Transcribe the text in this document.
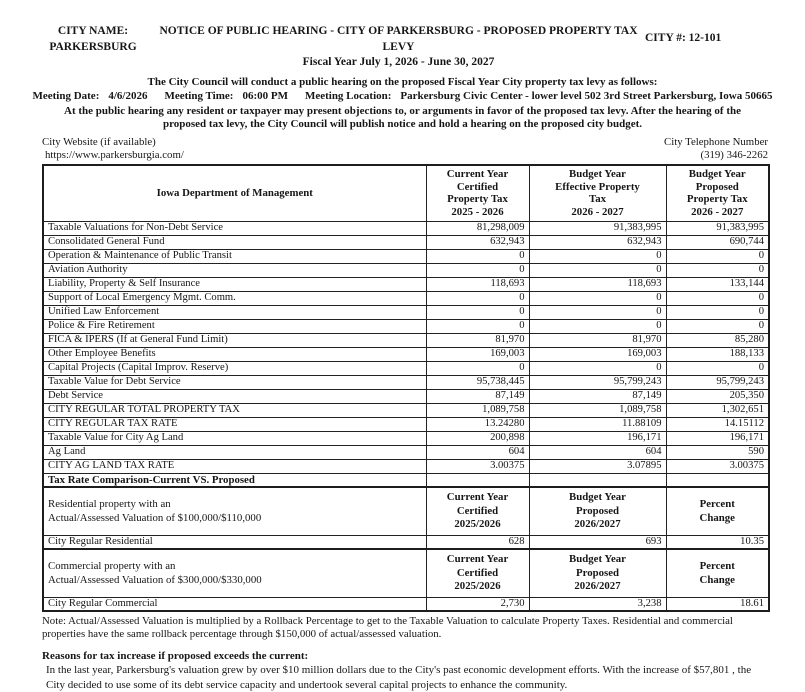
CITY NAME:
PARKERSBURG
NOTICE OF PUBLIC HEARING - CITY OF PARKERSBURG - PROPOSED PROPERTY TAX LEVY
Fiscal Year July 1, 2026 - June 30, 2027
CITY #: 12-101
The City Council will conduct a public hearing on the proposed Fiscal Year City property tax levy as follows:
Meeting Date: 4/6/2026 Meeting Time: 06:00 PM Meeting Location: Parkersburg Civic Center - lower level 502 3rd Street Parkersburg, Iowa 50665
At the public hearing any resident or taxpayer may present objections to, or arguments in favor of the proposed tax levy. After the hearing of the proposed tax levy, the City Council will publish notice and hold a hearing on the proposed city budget.
City Website (if available)
https://www.parkersburgia.com/
City Telephone Number
(319) 346-2262
Iowa Department of Management	
Current Year
Certified
Property Tax
2025 - 2026

Budget Year
Effective Property
Tax
2026 - 2027

Budget Year
Proposed
Property Tax
2026 - 2027

Taxable Valuations for Non-Debt Service	81,298,009	91,383,995	91,383,995
Consolidated General Fund	632,943	632,943	690,744
Operation & Maintenance of Public Transit	0	0	0
Aviation Authority	0	0	0
Liability, Property & Self Insurance	118,693	118,693	133,144
Support of Local Emergency Mgmt. Comm.	0	0	0
Unified Law Enforcement	0	0	0
Police & Fire Retirement	0	0	0
FICA & IPERS (If at General Fund Limit)	81,970	81,970	85,280
Other Employee Benefits	169,003	169,003	188,133
Capital Projects (Capital Improv. Reserve)	0	0	0
Taxable Value for Debt Service	95,738,445	95,799,243	95,799,243
Debt Service	87,149	87,149	205,350
CITY REGULAR TOTAL PROPERTY TAX	1,089,758	1,089,758	1,302,651
CITY REGULAR TAX RATE	13.24280	11.88109	14.15112
Taxable Value for City Ag Land	200,898	196,171	196,171
Ag Land	604	604	590
CITY AG LAND TAX RATE	3.00375	3.07895	3.00375
Tax Rate Comparison-Current VS. Proposed			

Residential property with an
Actual/Assessed Valuation of $100,000/$110,000

Current Year
Certified
2025/2026

Budget Year
Proposed
2026/2027

Percent
Change

City Regular Residential	628	693	10.35

Commercial property with an
Actual/Assessed Valuation of $300,000/$330,000

Current Year
Certified
2025/2026

Budget Year
Proposed
2026/2027

Percent
Change

City Regular Commercial	2,730	3,238	18.61
Note: Actual/Assessed Valuation is multiplied by a Rollback Percentage to get to the Taxable Valuation to calculate Property Taxes. Residential and commercial properties have the same rollback percentage through $150,000 of actual/assessed valuation.
Reasons for tax increase if proposed exceeds the current:
In the last year, Parkersburg's valuation grew by over $10 million dollars due to the City's past economic development efforts. With the increase of $57,801 , the City decided to use some of its debt service capacity and undertook several capital projects to enhance the community.
